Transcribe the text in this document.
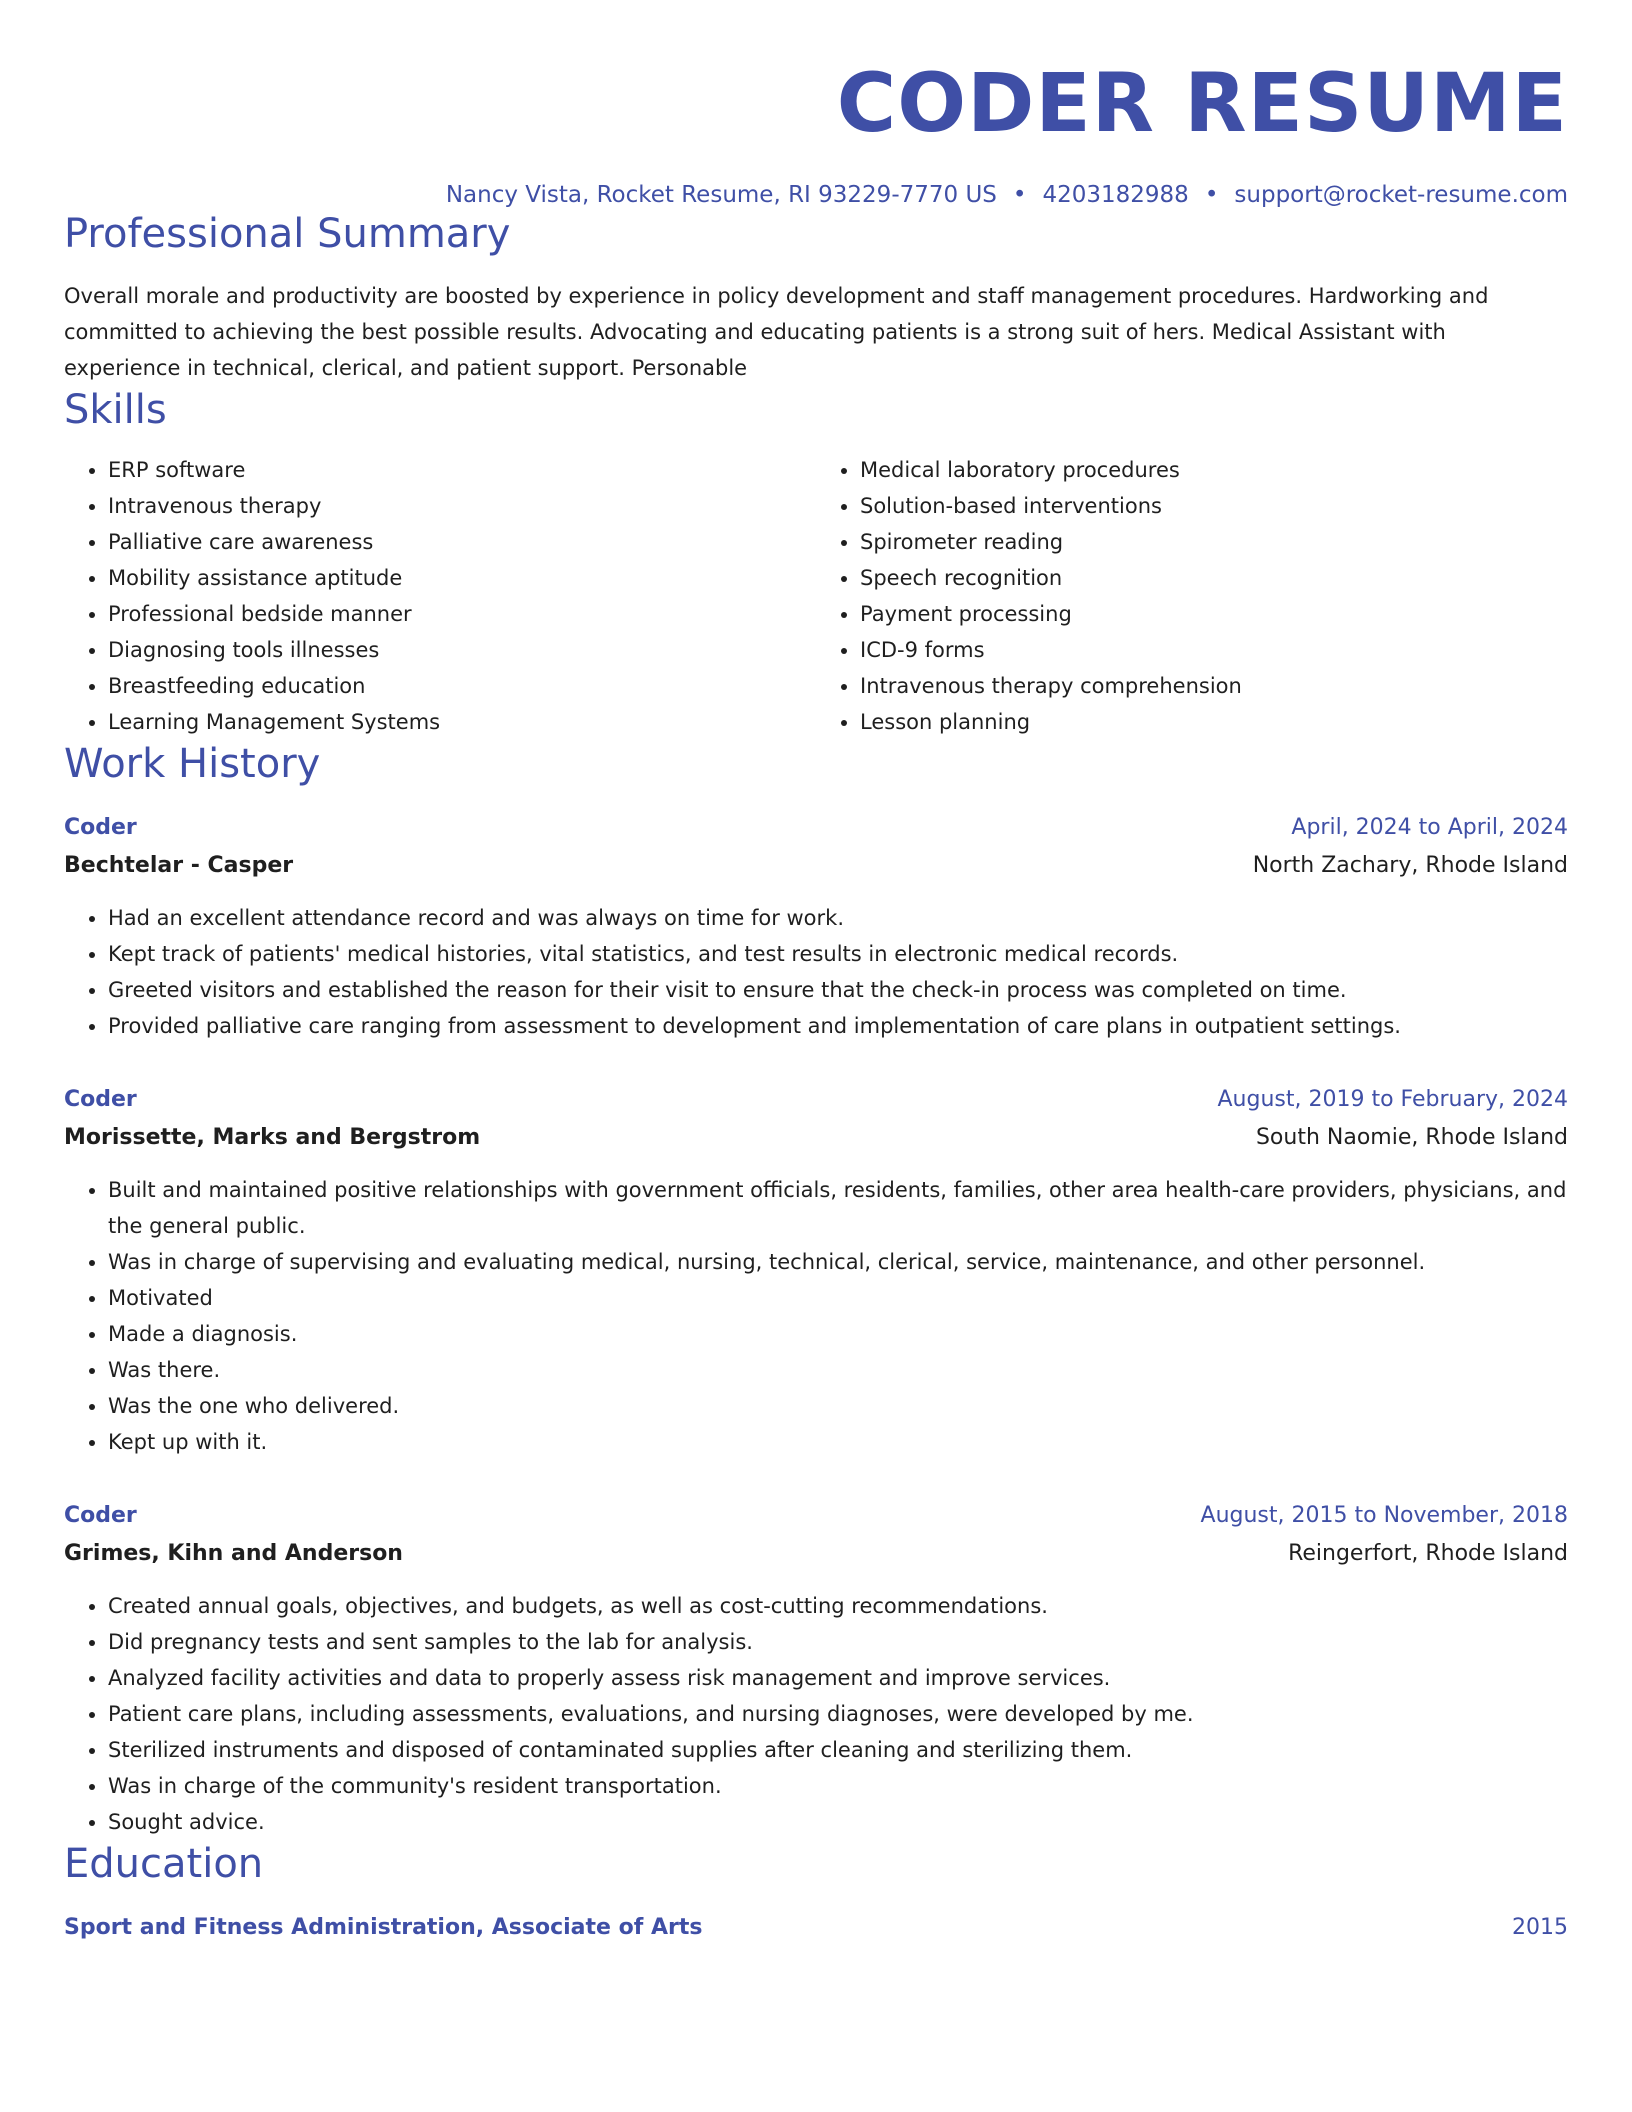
CODER RESUME
Nancy Vista, Rocket Resume, RI 93229-7770 US • 4203182988 • support@rocket-resume.com
Professional Summary
Overall morale and productivity are boosted by experience in policy development and staff management procedures. Hardworking and committed to achieving the best possible results. Advocating and educating patients is a strong suit of hers. Medical Assistant with experience in technical, clerical, and patient support. Personable
Skills
• ERP software
• Intravenous therapy
• Palliative care awareness
• Mobility assistance aptitude
• Professional bedside manner
• Diagnosing tools illnesses
• Breastfeeding education
• Learning Management Systems
• Medical laboratory procedures
• Solution-based interventions
• Spirometer reading
• Speech recognition
• Payment processing
• ICD-9 forms
• Intravenous therapy comprehension
• Lesson planning
Work History
Coder	April, 2024 to April, 2024
Bechtelar - Casper	North Zachary, Rhode Island
• Had an excellent attendance record and was always on time for work.
• Kept track of patients' medical histories, vital statistics, and test results in electronic medical records.
• Greeted visitors and established the reason for their visit to ensure that the check-in process was completed on time.
• Provided palliative care ranging from assessment to development and implementation of care plans in outpatient settings.
Coder	August, 2019 to February, 2024
Morissette, Marks and Bergstrom	South Naomie, Rhode Island
• Built and maintained positive relationships with government officials, residents, families, other area health-care providers, physicians, and the general public.
• Was in charge of supervising and evaluating medical, nursing, technical, clerical, service, maintenance, and other personnel.
• Motivated
• Made a diagnosis.
• Was there.
• Was the one who delivered.
• Kept up with it.
Coder	August, 2015 to November, 2018
Grimes, Kihn and Anderson	Reingerfort, Rhode Island
• Created annual goals, objectives, and budgets, as well as cost-cutting recommendations.
• Did pregnancy tests and sent samples to the lab for analysis.
• Analyzed facility activities and data to properly assess risk management and improve services.
• Patient care plans, including assessments, evaluations, and nursing diagnoses, were developed by me.
• Sterilized instruments and disposed of contaminated supplies after cleaning and sterilizing them.
• Was in charge of the community's resident transportation.
• Sought advice.
Education
Sport and Fitness Administration, Associate of Arts	2015
